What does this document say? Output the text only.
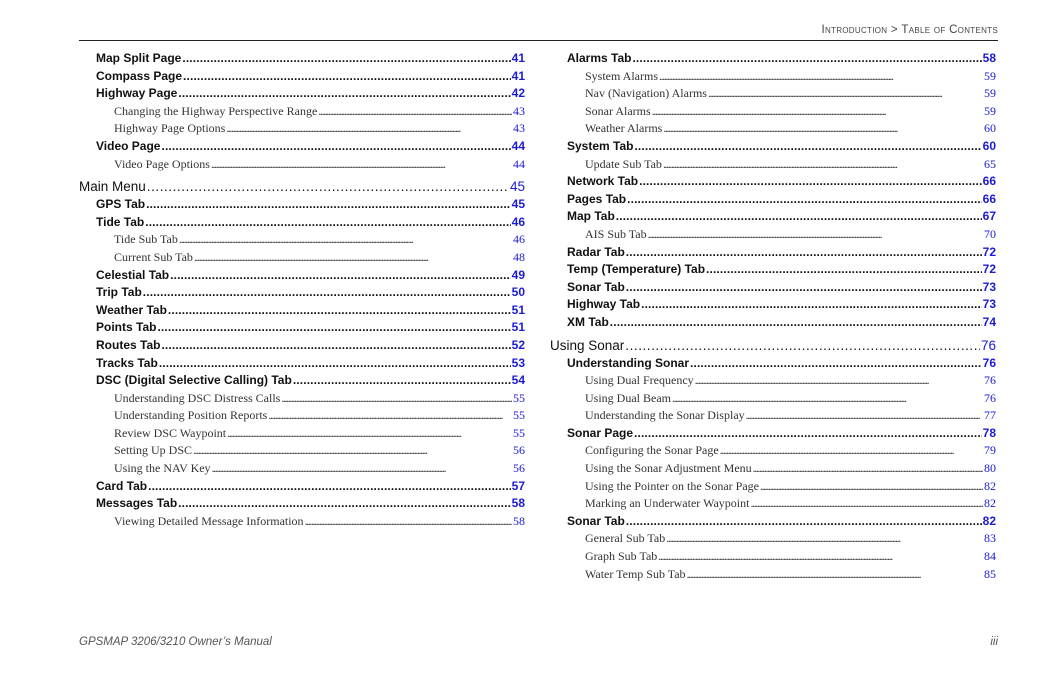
Introduction > Table of Contents
Map Split Page . . .	41
Compass Page . . .	41
Highway Page . . .	42
Changing the Highway Perspective Range . . .	43
Highway Page Options . . .	43
Video Page . . .	44
Video Page Options . . .	44
Main Menu . . .	45
GPS Tab . . .	45
Tide Tab . . .	46
Tide Sub Tab . . .	46
Current Sub Tab . . .	48
Celestial Tab . . .	49
Trip Tab . . .	50
Weather Tab . . .	51
Points Tab . . .	51
Routes Tab . . .	52
Tracks Tab . . .	53
DSC (Digital Selective Calling) Tab . . .	54
Understanding DSC Distress Calls . . .	55
Understanding Position Reports . . .	55
Review DSC Waypoint . . .	55
Setting Up DSC . . .	56
Using the NAV Key . . .	56
Card Tab . . .	57
Messages Tab . . .	58
Viewing Detailed Message Information . . .	58
Alarms Tab . . .	58
System Alarms . . .	59
Nav (Navigation) Alarms . . .	59
Sonar Alarms . . .	59
Weather Alarms . . .	60
System Tab . . .	60
Update Sub Tab . . .	65
Network Tab . . .	66
Pages Tab . . .	66
Map Tab . . .	67
AIS Sub Tab . . .	70
Radar Tab . . .	72
Temp (Temperature) Tab . . .	72
Sonar Tab . . .	73
Highway Tab . . .	73
XM Tab . . .	74
Using Sonar . . .	76
Understanding Sonar . . .	76
Using Dual Frequency . . .	76
Using Dual Beam . . .	76
Understanding the Sonar Display . . .	77
Sonar Page . . .	78
Configuring the Sonar Page . . .	79
Using the Sonar Adjustment Menu . . .	80
Using the Pointer on the Sonar Page . . .	82
Marking an Underwater Waypoint . . .	82
Sonar Tab . . .	82
General Sub Tab . . .	83
Graph Sub Tab . . .	84
Water Temp Sub Tab . . .	85
GPSMAP 3206/3210 Owner’s Manual	iii
